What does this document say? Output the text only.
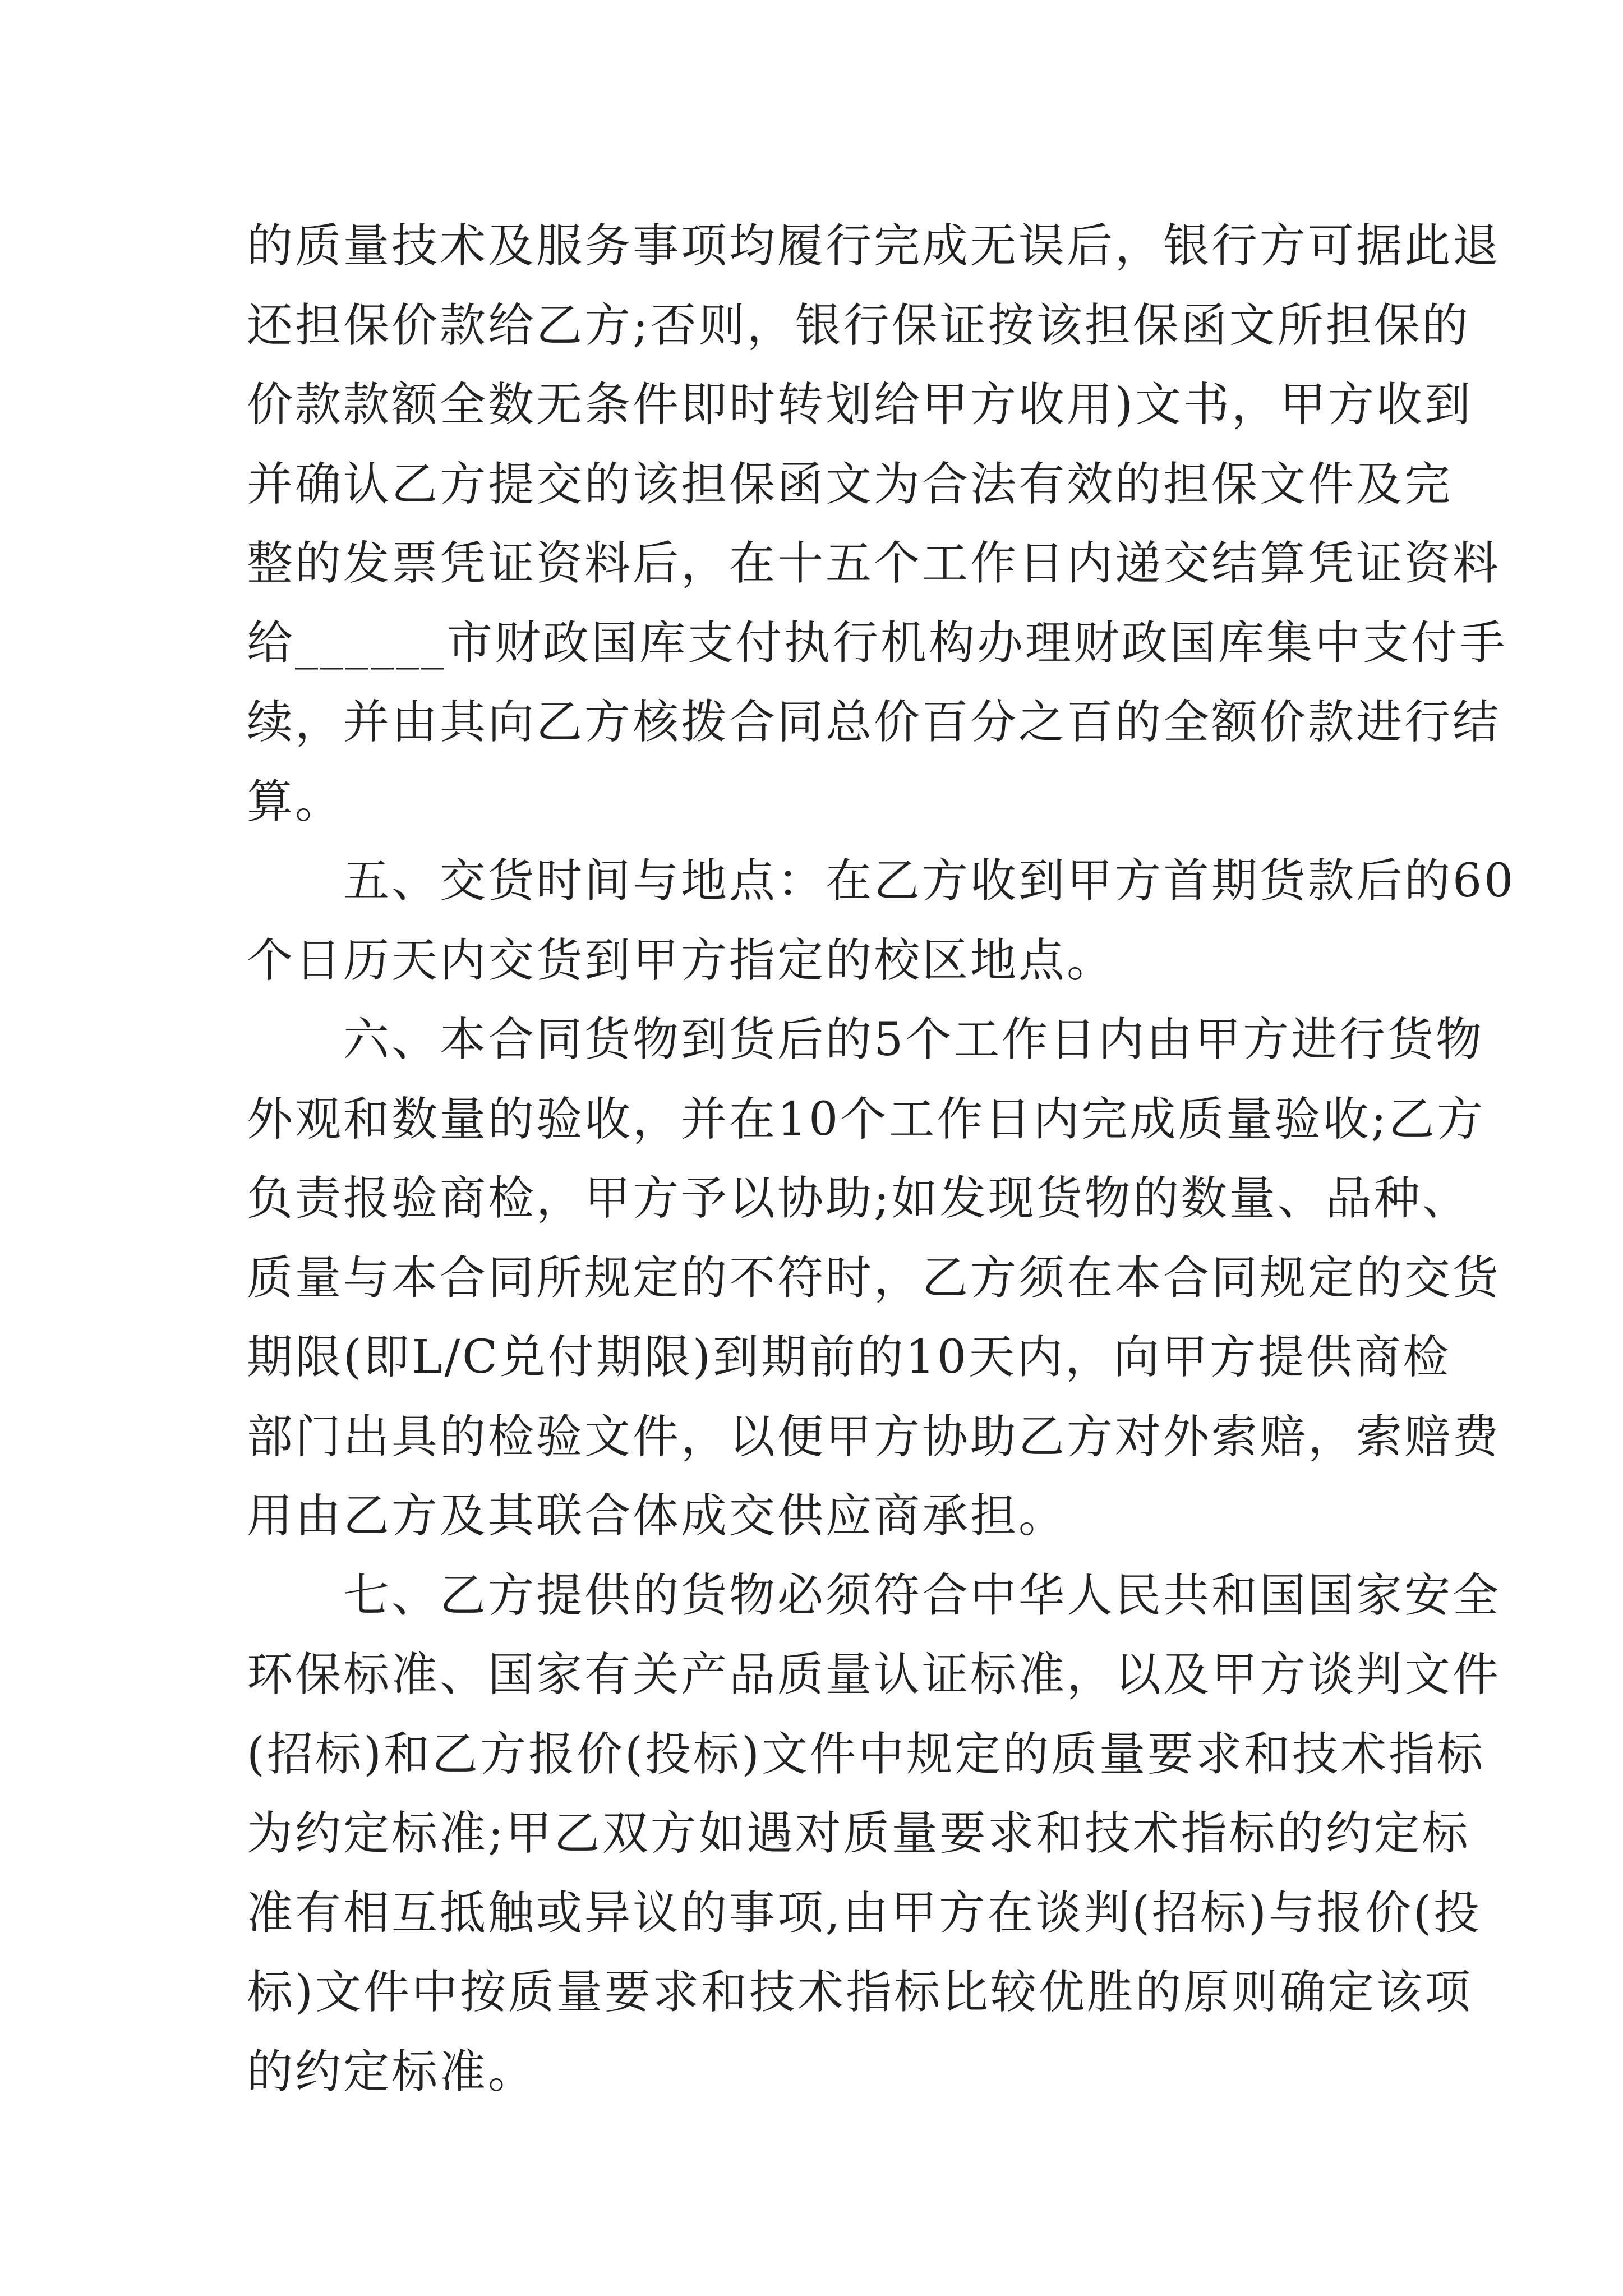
的质量技术及服务事项均履行完成无误后，银行方可据此退
还担保价款给乙方;否则，银行保证按该担保函文所担保的
价款款额全数无条件即时转划给甲方收用)文书，甲方收到
并确认乙方提交的该担保函文为合法有效的担保文件及完
整的发票凭证资料后，在十五个工作日内递交结算凭证资料
给______市财政国库支付执行机构办理财政国库集中支付手
续，并由其向乙方核拨合同总价百分之百的全额价款进行结
算。

五、交货时间与地点：在乙方收到甲方首期货款后的60
个日历天内交货到甲方指定的校区地点。

六、本合同货物到货后的5个工作日内由甲方进行货物
外观和数量的验收，并在10个工作日内完成质量验收;乙方
负责报验商检，甲方予以协助;如发现货物的数量、品种、
质量与本合同所规定的不符时，乙方须在本合同规定的交货
期限(即L/C兑付期限)到期前的10天内，向甲方提供商检
部门出具的检验文件，以便甲方协助乙方对外索赔，索赔费
用由乙方及其联合体成交供应商承担。

七、乙方提供的货物必须符合中华人民共和国国家安全
环保标准、国家有关产品质量认证标准，以及甲方谈判文件
(招标)和乙方报价(投标)文件中规定的质量要求和技术指标
为约定标准;甲乙双方如遇对质量要求和技术指标的约定标
准有相互抵触或异议的事项,由甲方在谈判(招标)与报价(投
标)文件中按质量要求和技术指标比较优胜的原则确定该项
的约定标准。
